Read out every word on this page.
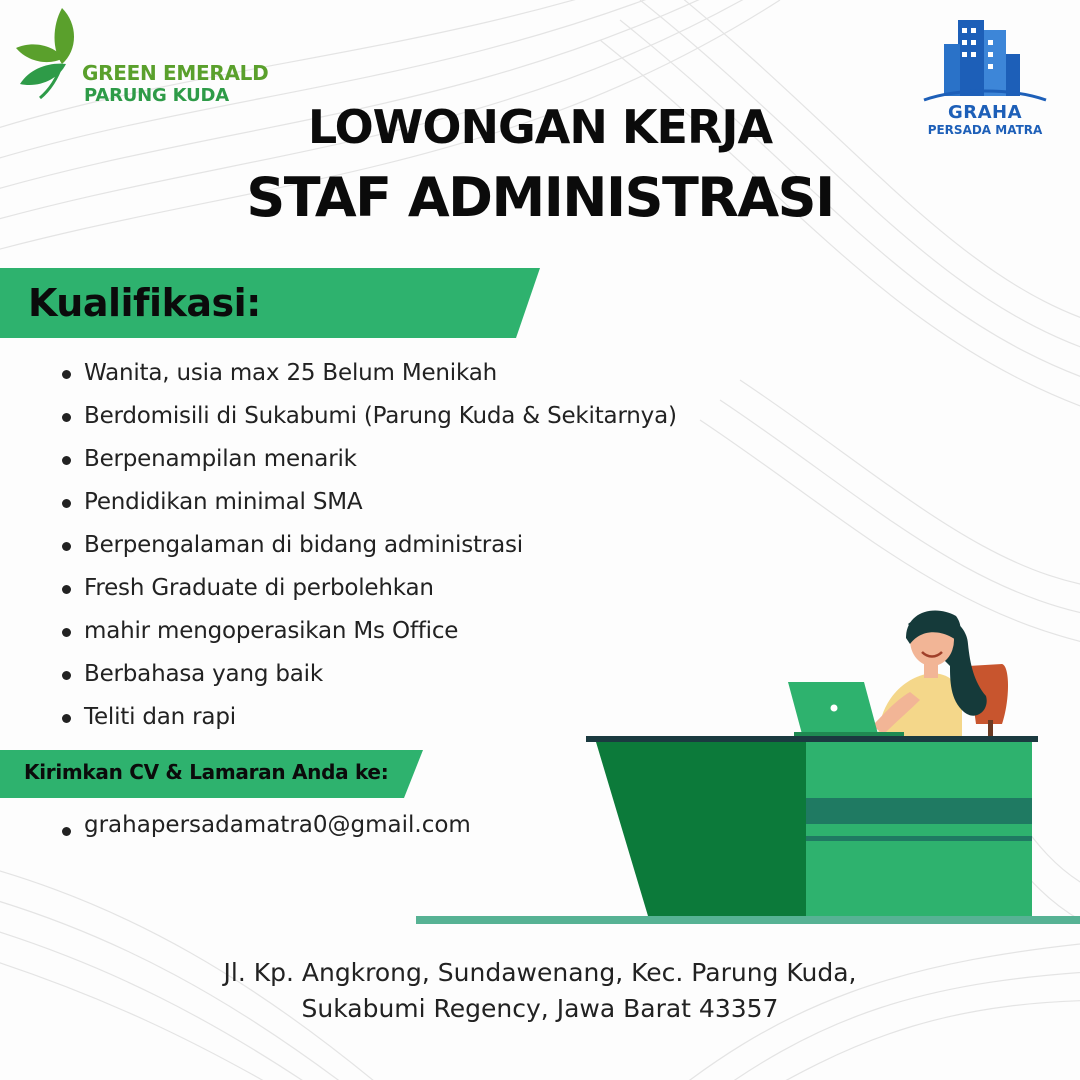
GREEN EMERALD
PARUNG KUDA
GRAHA
PERSADA MATRA
LOWONGAN KERJA
STAF ADMINISTRASI
Kualifikasi:
Wanita, usia max 25 Belum Menikah
Berdomisili di Sukabumi (Parung Kuda & Sekitarnya)
Berpenampilan menarik
Pendidikan minimal SMA
Berpengalaman di bidang administrasi
Fresh Graduate di perbolehkan
mahir mengoperasikan Ms Office
Berbahasa yang baik
Teliti dan rapi
Kirimkan CV & Lamaran Anda ke:
grahapersadamatra0@gmail.com
Jl. Kp. Angkrong, Sundawenang, Kec. Parung Kuda,
Sukabumi Regency, Jawa Barat 43357
